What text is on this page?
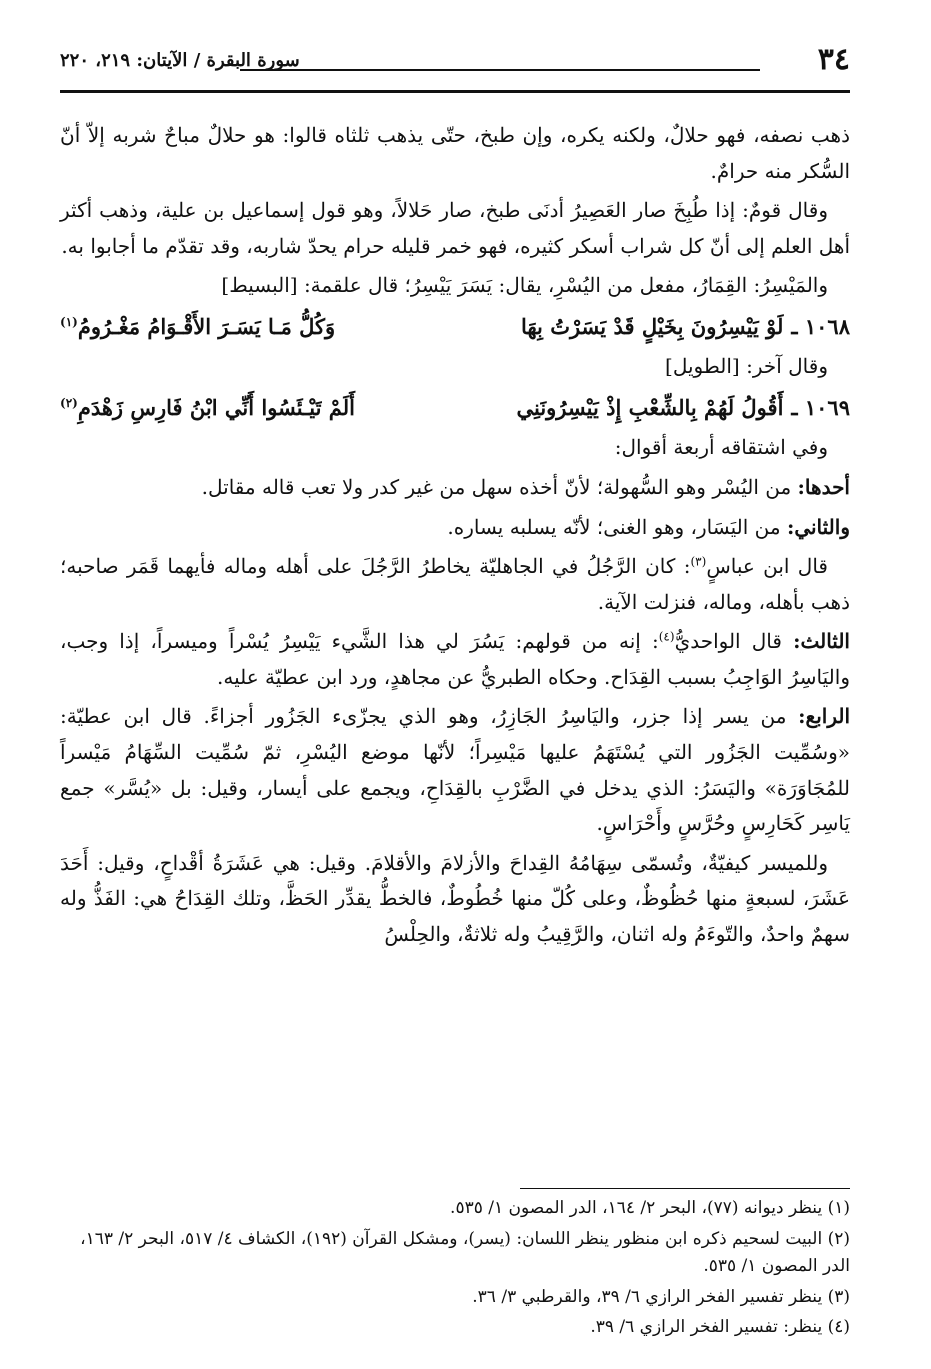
٣٤
سورة البقرة / الآيتان: ٢١٩، ٢٢٠

ذهب نصفه، فهو حلالٌ، ولكنه يكره، وإن طبخ، حتّى يذهب ثلثاه قالوا: هو حلالٌ مباحٌ شربه إلاّ أنّ السُّكر منه حرامٌ.

وقال قومٌ: إذا طُبِخَ صار العَصِيرُ أدنَى طبخ، صار حَلالاً، وهو قول إسماعيل بن علية، وذهب أكثر أهل العلم إلى أنّ كل شراب أسكر كثيره، فهو خمر قليله حرام يحدّ شاربه، وقد تقدّم ما أجابوا به.

والمَيْسِرُ: القِمَارُ، مفعل من اليُسْرِ، يقال: يَسَرَ يَيْسِرُ؛ قال علقمة: [البسيط]

١٠٦٨ ـ
لَوْ يَيْسِرُونَ بِخَيْلٍ قَدْ يَسَرْتُ بِهَا
وَكُلُّ مَـا يَسَـرَ الأَقْـوَامُ مَغْـرُومُ$^{(١)}$

وقال آخر: [الطويل]

١٠٦٩ ـ
أَقُولُ لَهُمْ بِالشِّعْبِ إِذْ يَيْسِرُونَنِي
أَلَمْ تَيْـئَسُوا أَنِّي ابْنُ فَارِسِ زَهْدَمِ$^{(٢)}$

وفي اشتقاقه أربعة أقوال:

أحدها: من اليُسْر وهو السُّهولة؛ لأنّ أخذه سهل من غير كدر ولا تعب قاله مقاتل.

والثاني: من اليَسَار، وهو الغنى؛ لأنّه يسلبه يساره.

قال ابن عباسٍ$^{(٣)}$: كان الرَّجُلُ في الجاهليّة يخاطرُ الرَّجُلَ على أهله وماله فأيهما قَمَر صاحبه؛ ذهب بأهله، وماله، فنزلت الآية.

الثالث: قال الواحديُّ$^{(٤)}$: إنه من قولهم: يَسُرَ لي هذا الشَّيء يَيْسِرُ يُسْراً وميسراً، إذا وجب، واليَاسِرُ الوَاجِبُ بسبب القِدَاح. وحكاه الطبريُّ عن مجاهدٍ، ورد ابن عطيّة عليه.

الرابع: من يسر إذا جزر، واليَاسِرُ الجَازِرُ، وهو الذي يجزّىء الجَزُور أجزاءً. قال ابن عطيّة: «وسُمِّيت الجَزُور التي يُسْتَهَمُ عليها مَيْسِراً؛ لأنّها موضع اليُسْرِ، ثمّ سُمِّيت السِّهَامُ مَيْسراً للمُجَاوَرَة» واليَسَرُ: الذي يدخل في الضَّرْبِ بالقِدَاحِ، ويجمع على أيسار، وقيل: بل «يُسَّر» جمع يَاسِر كَحَارِسٍ وحُرَّسٍ وأَحْرَاسٍ.

وللميسر كيفيّةٌ، وتُسمّى سِهَامُهُ القِداحَ والأزلامَ والأقلامَ. وقيل: هي عَشَرَةُ أقْداحٍ، وقيل: أَحَدَ عَشَرَ، لسبعةٍ منها حُظُوظٌ، وعلى كُلّ منها خُطُوطٌ، فالخطُّ يقدِّر الحَظَّ، وتلك القِدَاحُ هي: الفَذُّ وله سهمٌ واحدٌ، والتّوءَمُ وله اثنان، والرَّقِيبُ وله ثلاثةٌ، والحِلْسُ

(١) ينظر ديوانه (٧٧)، البحر ٢/ ١٦٤، الدر المصون ١/ ٥٣٥.

(٢) البيت لسحيم ذكره ابن منظور ينظر اللسان: (يسر)، ومشكل القرآن (١٩٢)، الكشاف ٤/ ٥١٧، البحر ٢/ ١٦٣، الدر المصون ١/ ٥٣٥.

(٣) ينظر تفسير الفخر الرازي ٦/ ٣٩، والقرطبي ٣/ ٣٦.

(٤) ينظر: تفسير الفخر الرازي ٦/ ٣٩.
